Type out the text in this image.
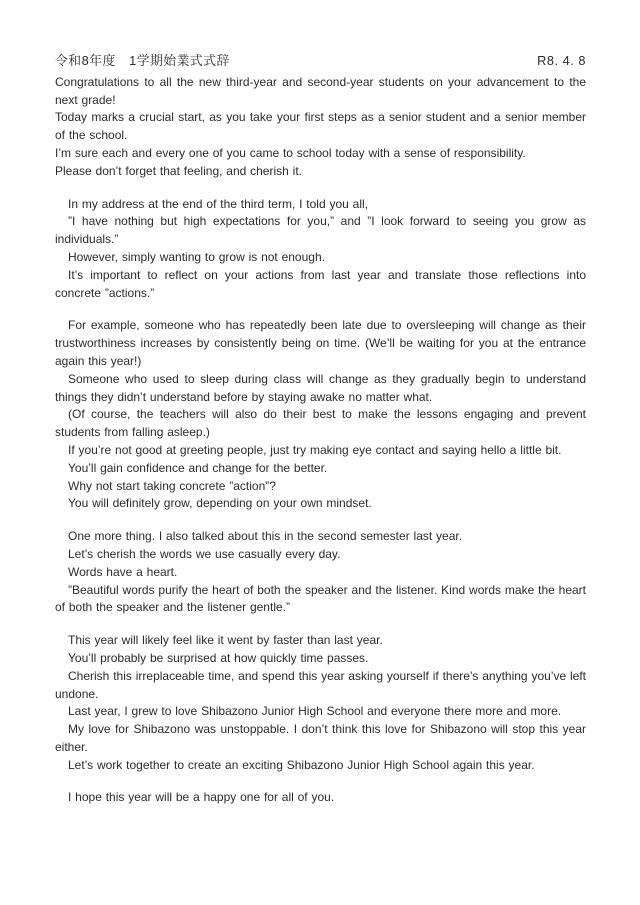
令和8年度　1学期始業式式辞	R8. 4. 8

Congratulations to all the new third-year and second-year students on your advancement to the next grade!

Today marks a crucial start, as you take your first steps as a senior student and a senior member of the school.

I’m sure each and every one of you came to school today with a sense of responsibility.

Please don’t forget that feeling, and cherish it.

In my address at the end of the third term, I told you all,

”I have nothing but high expectations for you,” and ”I look forward to seeing you grow as individuals.”

However, simply wanting to grow is not enough.

It’s important to reflect on your actions from last year and translate those reflections into concrete ”actions.”

For example, someone who has repeatedly been late due to oversleeping will change as their trustworthiness increases by consistently being on time. (We’ll be waiting for you at the entrance again this year!)

Someone who used to sleep during class will change as they gradually begin to understand things they didn’t understand before by staying awake no matter what.

(Of course, the teachers will also do their best to make the lessons engaging and prevent students from falling asleep.)

If you’re not good at greeting people, just try making eye contact and saying hello a little bit.

You’ll gain confidence and change for the better.

Why not start taking concrete ”action”?

You will definitely grow, depending on your own mindset.

One more thing. I also talked about this in the second semester last year.

Let’s cherish the words we use casually every day.

Words have a heart.

”Beautiful words purify the heart of both the speaker and the listener. Kind words make the heart of both the speaker and the listener gentle.”

This year will likely feel like it went by faster than last year.

You’ll probably be surprised at how quickly time passes.

Cherish this irreplaceable time, and spend this year asking yourself if there’s anything you’ve left undone.

Last year, I grew to love Shibazono Junior High School and everyone there more and more.

My love for Shibazono was unstoppable. I don’t think this love for Shibazono will stop this year either.

Let’s work together to create an exciting Shibazono Junior High School again this year.

I hope this year will be a happy one for all of you.
